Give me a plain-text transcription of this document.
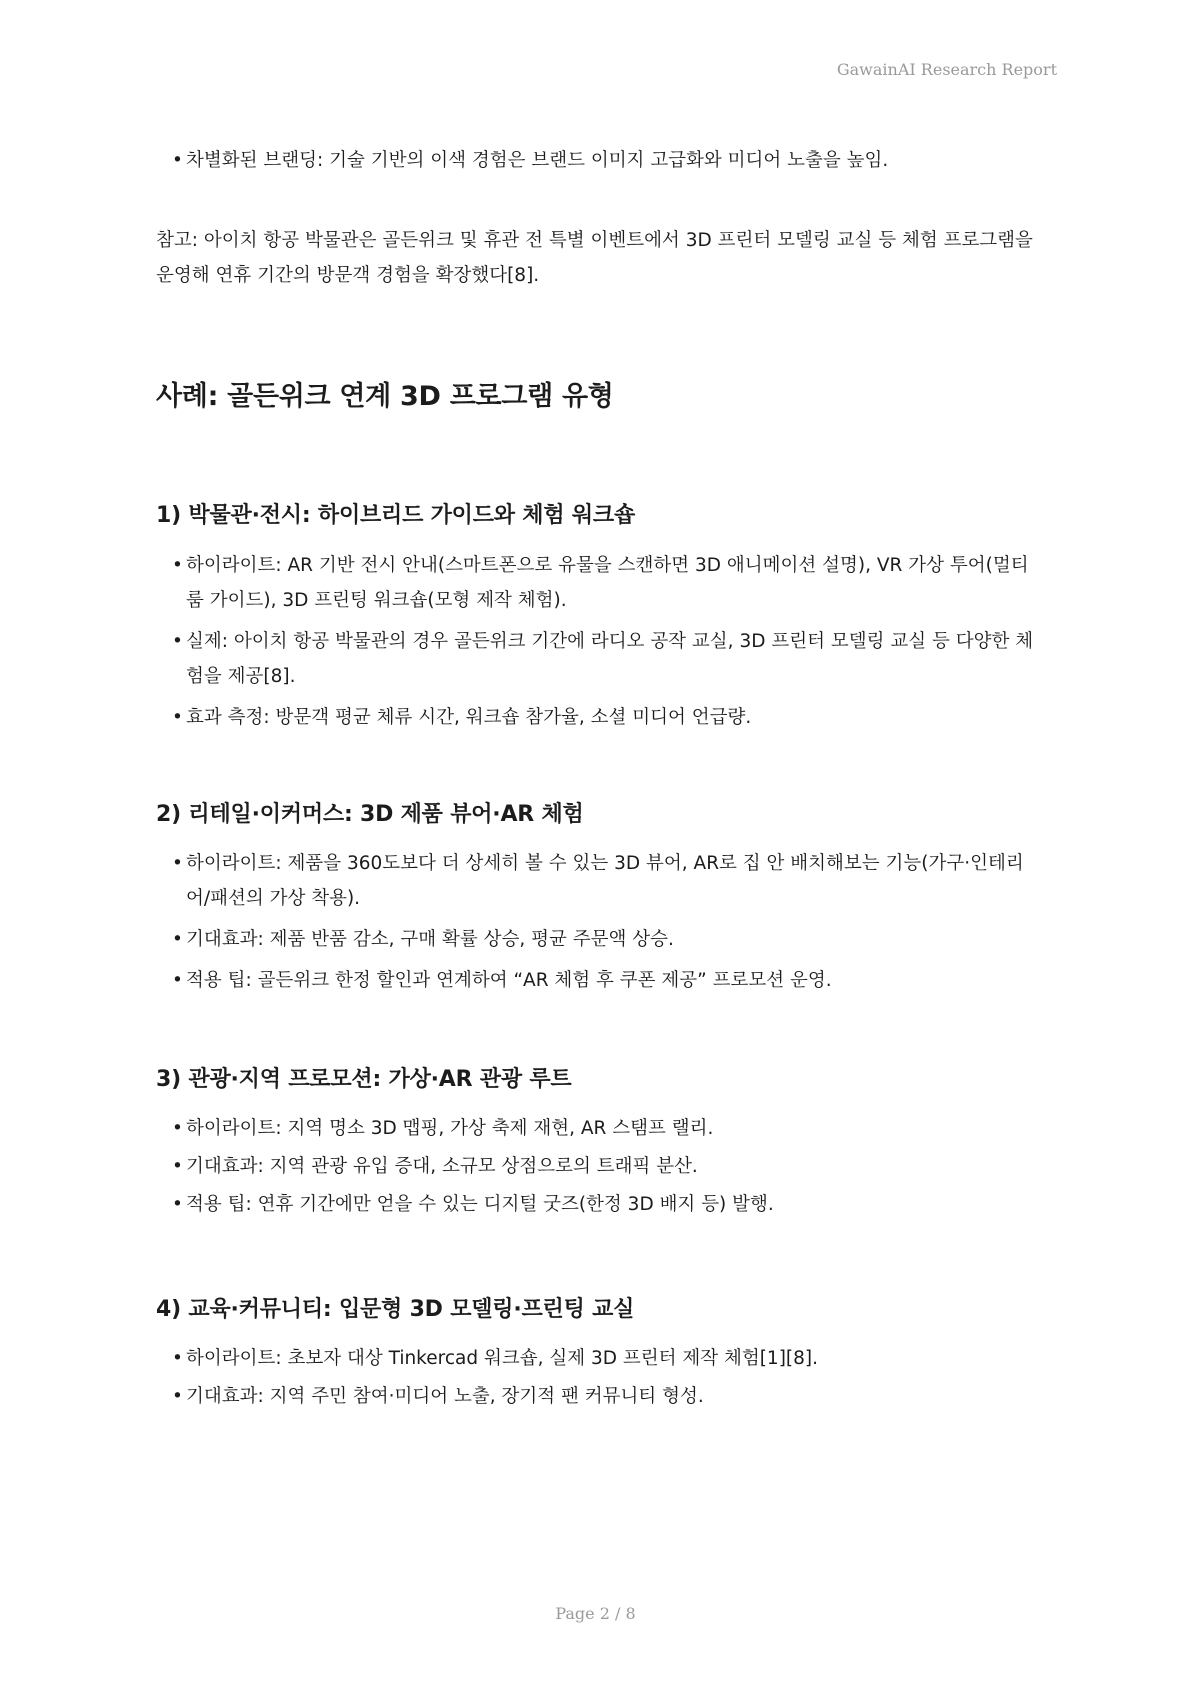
GawainAI Research Report

• 차별화된 브랜딩: 기술 기반의 이색 경험은 브랜드 이미지 고급화와 미디어 노출을 높임.

참고: 아이치 항공 박물관은 골든위크 및 휴관 전 특별 이벤트에서 3D 프린터 모델링 교실 등 체험 프로그램을 운영해 연휴 기간의 방문객 경험을 확장했다[8].

사례: 골든위크 연계 3D 프로그램 유형
1) 박물관·전시: 하이브리드 가이드와 체험 워크숍

• 하이라이트: AR 기반 전시 안내(스마트폰으로 유물을 스캔하면 3D 애니메이션 설명), VR 가상 투어(멀티룸 가이드), 3D 프린팅 워크숍(모형 제작 체험).

• 실제: 아이치 항공 박물관의 경우 골든위크 기간에 라디오 공작 교실, 3D 프린터 모델링 교실 등 다양한 체험을 제공[8].

• 효과 측정: 방문객 평균 체류 시간, 워크숍 참가율, 소셜 미디어 언급량.

2) 리테일·이커머스: 3D 제품 뷰어·AR 체험

• 하이라이트: 제품을 360도보다 더 상세히 볼 수 있는 3D 뷰어, AR로 집 안 배치해보는 기능(가구·인테리어/패션의 가상 착용).

• 기대효과: 제품 반품 감소, 구매 확률 상승, 평균 주문액 상승.

• 적용 팁: 골든위크 한정 할인과 연계하여 “AR 체험 후 쿠폰 제공” 프로모션 운영.

3) 관광·지역 프로모션: 가상·AR 관광 루트

• 하이라이트: 지역 명소 3D 맵핑, 가상 축제 재현, AR 스탬프 랠리.

• 기대효과: 지역 관광 유입 증대, 소규모 상점으로의 트래픽 분산.

• 적용 팁: 연휴 기간에만 얻을 수 있는 디지털 굿즈(한정 3D 배지 등) 발행.

4) 교육·커뮤니티: 입문형 3D 모델링·프린팅 교실

• 하이라이트: 초보자 대상 Tinkercad 워크숍, 실제 3D 프린터 제작 체험[1][8].

• 기대효과: 지역 주민 참여·미디어 노출, 장기적 팬 커뮤니티 형성.

Page 2 / 8
